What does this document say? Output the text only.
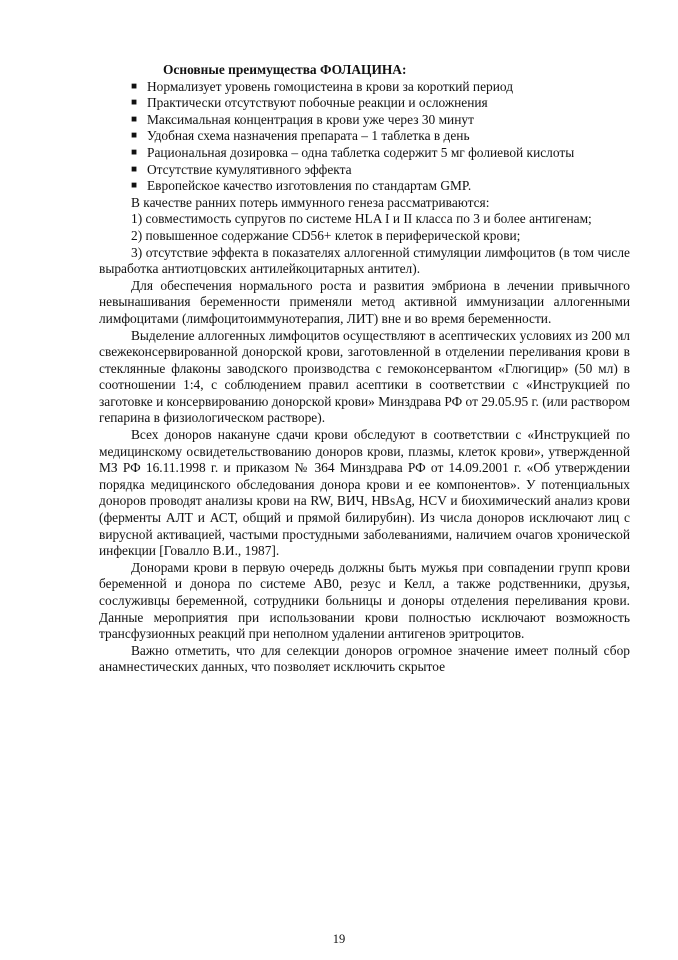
Основные преимущества ФОЛАЦИНА:

■ Нормализует уровень гомоцистеина в крови за короткий период
■ Практически отсутствуют побочные реакции и осложнения
■ Максимальная концентрация в крови уже через 30 минут
■ Удобная схема назначения препарата – 1 таблетка в день
■ Рациональная дозировка – одна таблетка содержит 5 мг фолиевой кислоты
■ Отсутствие кумулятивного эффекта
■ Европейское качество изготовления по стандартам GMP.

В качестве ранних потерь иммунного генеза рассматриваются:

1) совместимость супругов по системе HLA I и II класса по 3 и более антигенам;

2) повышенное содержание CD56+ клеток в периферической крови;

3) отсутствие эффекта в показателях аллогенной стимуляции лимфоцитов (в том числе выработка антиотцовских антилейкоцитарных антител).

Для обеспечения нормального роста и развития эмбриона в лечении привычного невынашивания беременности применяли метод активной иммунизации аллогенными лимфоцитами (лимфоцитоиммунотерапия, ЛИТ) вне и во время беременности.

Выделение аллогенных лимфоцитов осуществляют в асептических условиях из 200 мл свежеконсервированной донорской крови, заготовленной в отделении переливания крови в стеклянные флаконы заводского производства с гемоконсервантом «Глюгицир» (50 мл) в соотношении 1:4, с соблюдением правил асептики в соответствии с «Инструкцией по заготовке и консервированию донорской крови» Минздрава РФ от 29.05.95 г. (или раствором гепарина в физиологическом растворе).

Всех доноров накануне сдачи крови обследуют в соответствии с «Инструкцией по медицинскому освидетельствованию доноров крови, плазмы, клеток крови», утвержденной МЗ РФ 16.11.1998 г. и приказом № 364 Минздрава РФ от 14.09.2001 г. «Об утверждении порядка медицинского обследования донора крови и ее компонентов». У потенциальных доноров проводят анализы крови на RW, ВИЧ, HBsAg, HCV и биохимический анализ крови (ферменты АЛТ и АСТ, общий и прямой билирубин). Из числа доноров исключают лиц с вирусной активацией, частыми простудными заболеваниями, наличием очагов хронической инфекции [Говалло В.И., 1987].

Донорами крови в первую очередь должны быть мужья при совпадении групп крови беременной и донора по системе АВ0, резус и Келл, а также родственники, друзья, сослуживцы беременной, сотрудники больницы и доноры отделения переливания крови. Данные мероприятия при использовании крови полностью исключают возможность трансфузионных реакций при неполном удалении антигенов эритроцитов.

Важно отметить, что для селекции доноров огромное значение имеет полный сбор анамнестических данных, что позволяет исключить скрытое

19
